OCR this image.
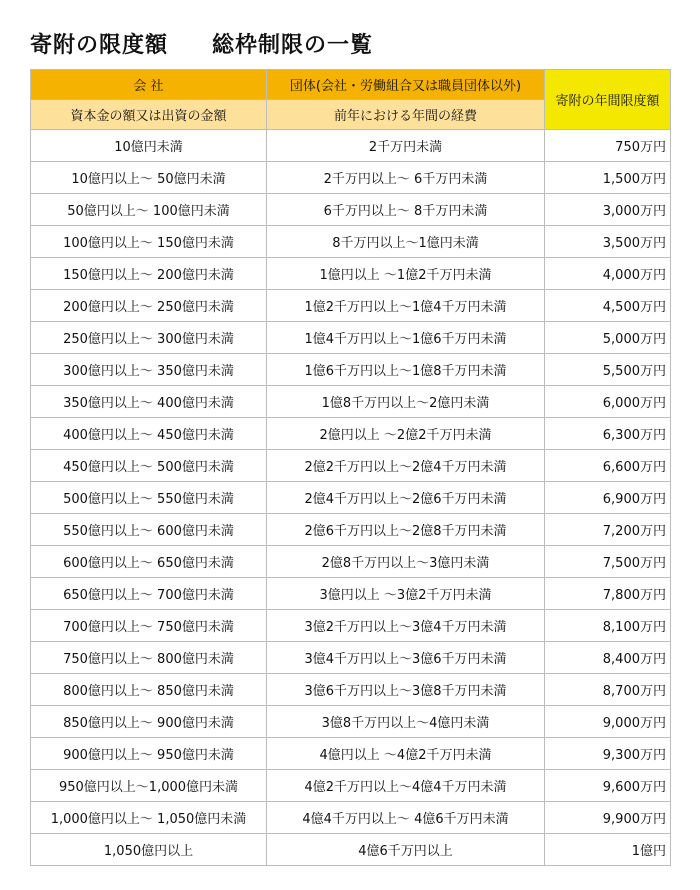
寄附の限度額 総枠制限の一覧
会 社	団体(会社・労働組合又は職員団体以外)	寄附の年間限度額
資本金の額又は出資の金額	前年における年間の経費	
10億円未満	2千万円未満	750万円
10億円以上～ 50億円未満	2千万円以上～ 6千万円未満	1,500万円
50億円以上～ 100億円未満	6千万円以上～ 8千万円未満	3,000万円
100億円以上～ 150億円未満	8千万円以上～1億円未満	3,500万円
150億円以上～ 200億円未満	1億円以上 ～1億2千万円未満	4,000万円
200億円以上～ 250億円未満	1億2千万円以上～1億4千万円未満	4,500万円
250億円以上～ 300億円未満	1億4千万円以上～1億6千万円未満	5,000万円
300億円以上～ 350億円未満	1億6千万円以上～1億8千万円未満	5,500万円
350億円以上～ 400億円未満	1億8千万円以上～2億円未満	6,000万円
400億円以上～ 450億円未満	2億円以上 ～2億2千万円未満	6,300万円
450億円以上～ 500億円未満	2億2千万円以上～2億4千万円未満	6,600万円
500億円以上～ 550億円未満	2億4千万円以上～2億6千万円未満	6,900万円
550億円以上～ 600億円未満	2億6千万円以上～2億8千万円未満	7,200万円
600億円以上～ 650億円未満	2億8千万円以上～3億円未満	7,500万円
650億円以上～ 700億円未満	3億円以上 ～3億2千万円未満	7,800万円
700億円以上～ 750億円未満	3億2千万円以上～3億4千万円未満	8,100万円
750億円以上～ 800億円未満	3億4千万円以上～3億6千万円未満	8,400万円
800億円以上～ 850億円未満	3億6千万円以上～3億8千万円未満	8,700万円
850億円以上～ 900億円未満	3億8千万円以上～4億円未満	9,000万円
900億円以上～ 950億円未満	4億円以上 ～4億2千万円未満	9,300万円
950億円以上～1,000億円未満	4億2千万円以上～4億4千万円未満	9,600万円
1,000億円以上～ 1,050億円未満	4億4千万円以上～ 4億6千万円未満	9,900万円
1,050億円以上	4億6千万円以上	1億円
